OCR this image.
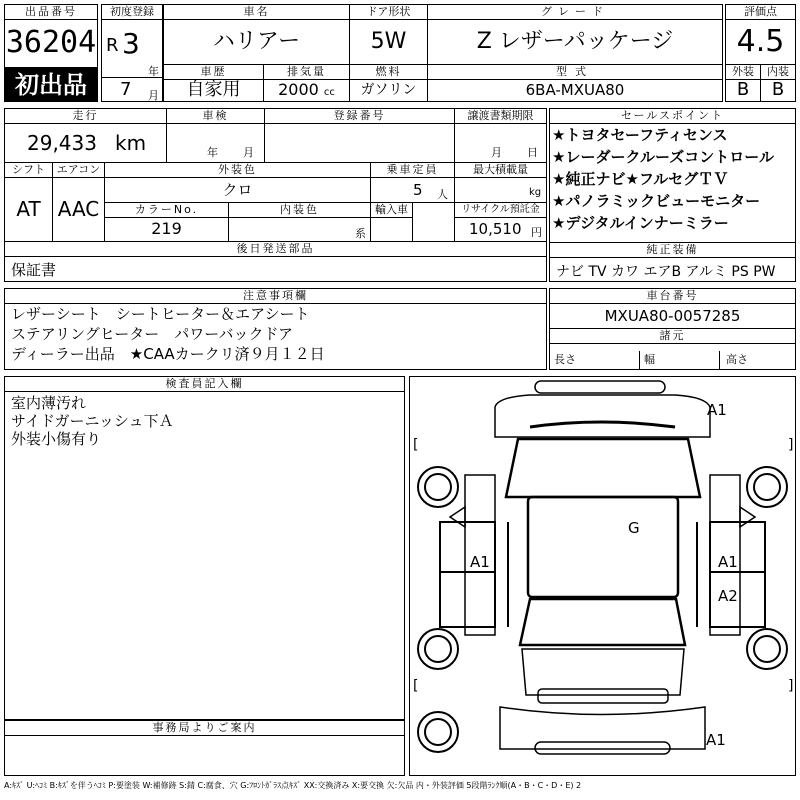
出品番号
36204
初出品
初度登録
R 3
年
7 月
車名
ハリアー
ドア形状
5W
グレード
Z レザーパッケージ
車歴
自家用
排気量
2000 cc
燃料
ガソリン
型式
6BA-MXUA80
評価点
4.5
外装	内装
B	B
走行
29,433 km
車検
年 月
登録番号	譲渡書類期限
月 日
シフト
AT
エアコン
AAC
外装色
クロ
乗車定員
5 人
最大積載量
kg
カラーNo.
219
内装色
系
輸入車	リサイクル預託金
10,510 円
後日発送部品
保証書
セールスポイント
★トヨタセーフティセンス
★レーダークルーズコントロール
★純正ナビ★フルセグＴＶ
★パノラミックビューモニター
★デジタルインナーミラー
純正装備
ナビ TV カワ エアB アルミ PS PW
注意事項欄
レザーシート　シートヒーター＆エアシート
ステアリングヒーター　パワーバックドア
ディーラー出品　★CAAカークリ済９月１２日
車台番号
MXUA80-0057285
諸元
長さ	幅	高さ
検査員記入欄
室内薄汚れ
サイドガーニッシュ下Ａ
外装小傷有り
事務局よりご案内
[	]
[	]
A1
G
A1	A1
A2
A1
A:ｷｽﾞ U:ﾍｺﾐ B:ｷｽﾞを伴うﾍｺﾐ P:要塗装 W:補修跡 S:錆 C:腐食、穴 G:ﾌﾛﾝﾄｶﾞﾗｽ点ｷｽﾞ XX:交換済み X:要交換 欠:欠品 内・外装評価 5段階ﾗﾝｸ順(A・B・C・D・E) 2
